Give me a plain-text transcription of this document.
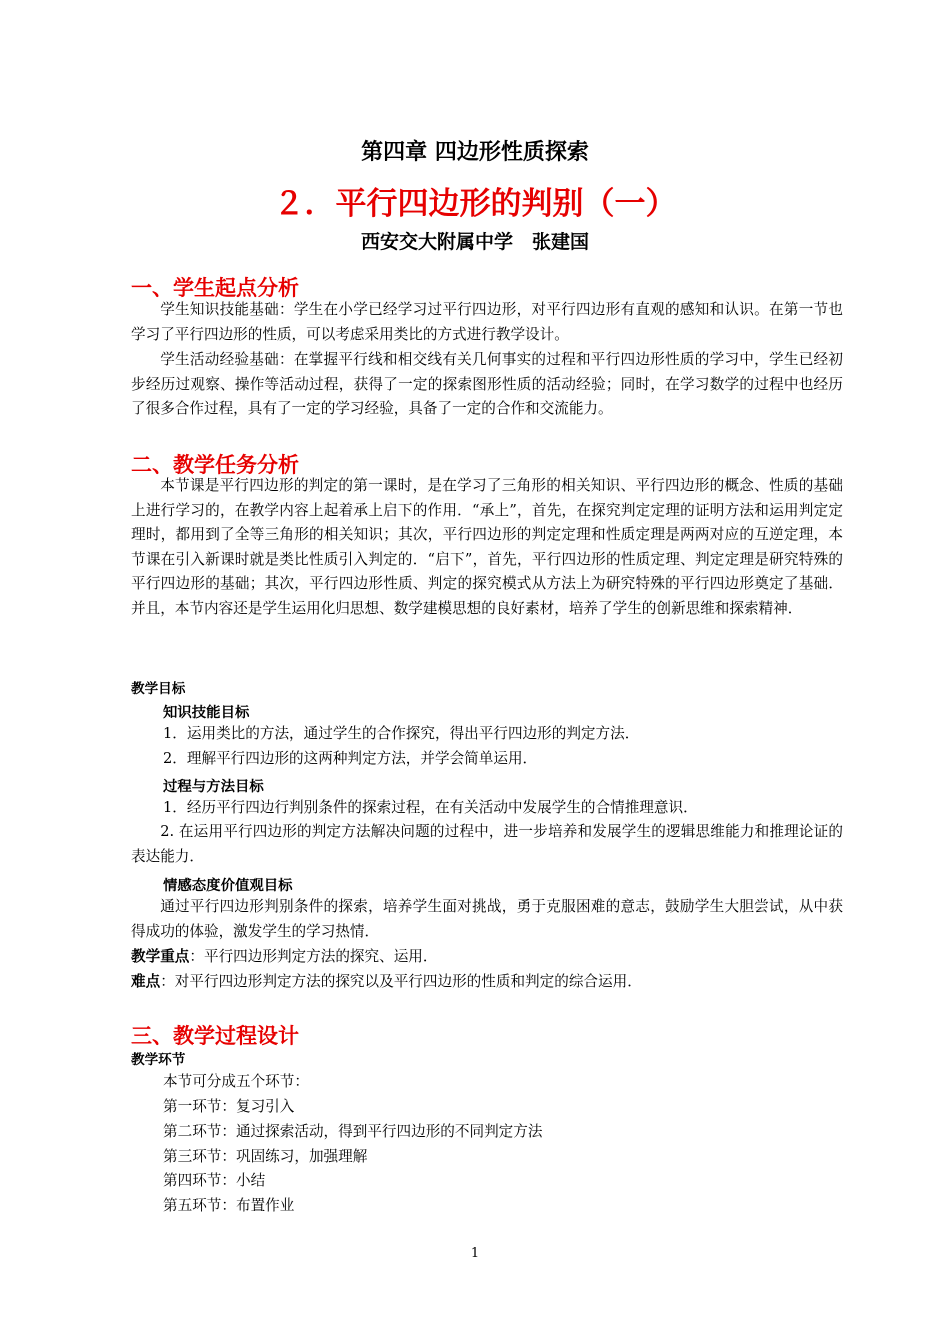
第四章 四边形性质探索
２．平行四边形的判别（一）
西安交大附属中学　张建国
一、学生起点分析
学生知识技能基础：学生在小学已经学习过平行四边形，对平行四边形有直观的感知和认识。在第一节也学习了平行四边形的性质，可以考虑采用类比的方式进行教学设计。
学生活动经验基础：在掌握平行线和相交线有关几何事实的过程和平行四边形性质的学习中，学生已经初步经历过观察、操作等活动过程，获得了一定的探索图形性质的活动经验；同时，在学习数学的过程中也经历了很多合作过程，具有了一定的学习经验，具备了一定的合作和交流能力。
二、教学任务分析
本节课是平行四边形的判定的第一课时，是在学习了三角形的相关知识、平行四边形的概念、性质的基础上进行学习的，在教学内容上起着承上启下的作用．“承上”，首先，在探究判定定理的证明方法和运用判定定理时，都用到了全等三角形的相关知识；其次，平行四边形的判定定理和性质定理是两两对应的互逆定理，本节课在引入新课时就是类比性质引入判定的．“启下”，首先，平行四边形的性质定理、判定定理是研究特殊的平行四边形的基础；其次，平行四边形性质、判定的探究模式从方法上为研究特殊的平行四边形奠定了基础．并且，本节内容还是学生运用化归思想、数学建模思想的良好素材，培养了学生的创新思维和探索精神．
教学目标
知识技能目标
1．运用类比的方法，通过学生的合作探究，得出平行四边形的判定方法．
2．理解平行四边形的这两种判定方法，并学会简单运用．
过程与方法目标
1．经历平行四边行判别条件的探索过程，在有关活动中发展学生的合情推理意识．
2. 在运用平行四边形的判定方法解决问题的过程中，进一步培养和发展学生的逻辑思维能力和推理论证的表达能力．
情感态度价值观目标
通过平行四边形判别条件的探索，培养学生面对挑战，勇于克服困难的意志，鼓励学生大胆尝试，从中获得成功的体验，激发学生的学习热情．
教学重点：平行四边形判定方法的探究、运用．
难点：对平行四边形判定方法的探究以及平行四边形的性质和判定的综合运用．
三、教学过程设计
教学环节
本节可分成五个环节：
第一环节：复习引入
第二环节：通过探索活动，得到平行四边形的不同判定方法
第三环节：巩固练习，加强理解
第四环节：小结
第五环节：布置作业
1
